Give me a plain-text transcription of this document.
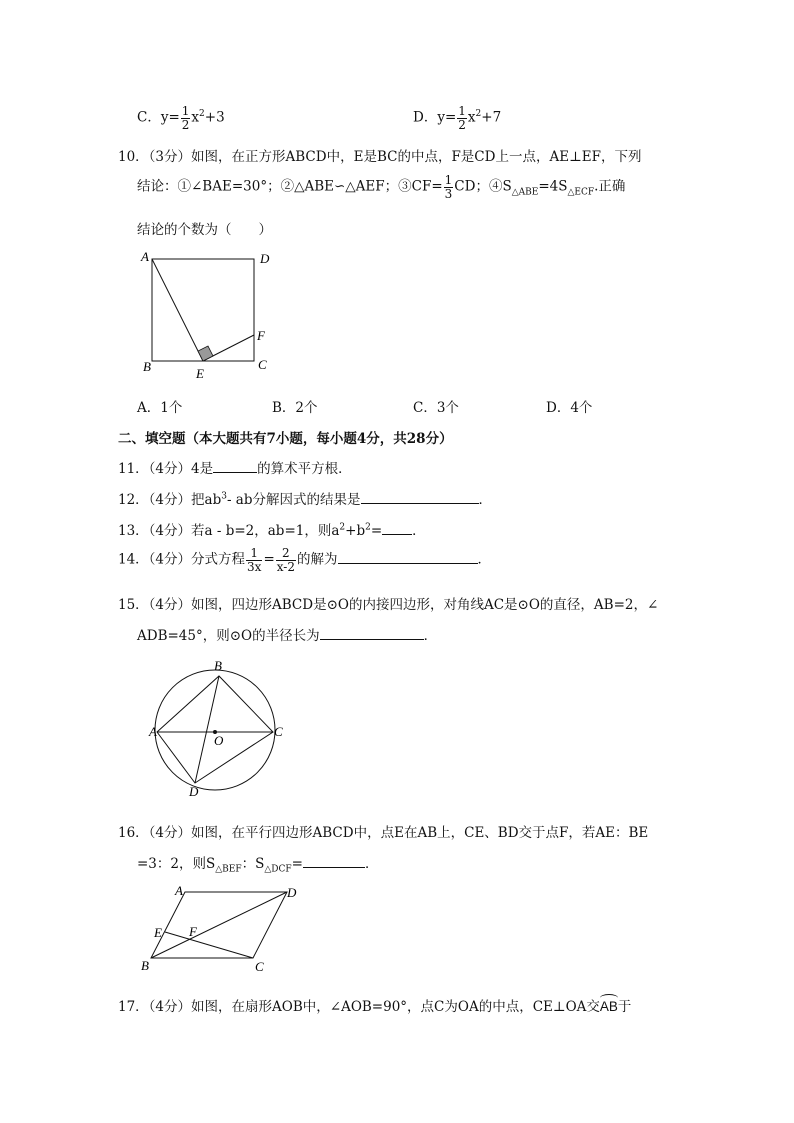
C．$y= \frac{1}{2} x^2+3$	D．$y= \frac{1}{2} x^2+7$
10．（3分）如图，在正方形ABCD中，E是BC的中点，F是CD上一点，AE⊥EF，下列
结论：①∠BAE=30°；②△ABE∽△AEF；③CF= $\frac{1}{3}$ CD；$④S_{\triangle ABE}=4S_{\triangle ECF}$.正确
结论的个数为（　　）
A	D
B	C
E
F
A．1个	B．2个	C．3个	D．4个
二、填空题（本大题共有7小题，每小题4分，共28分）
11．（4分）4是	的算术平方根．
12．（4分）把$ab^3-$ ab分解因式的结果是	．
13．（4分）若a - b=2，ab=1，则$a^2+b^2=$ ．
14．（4分）分式方程 $\frac{1}{3x} = \frac{2}{x-2}$ 的解为	．
15．（4分）如图，四边形ABCD是⊙O的内接四边形，对角线AC是⊙O的直径，AB=2，∠
ADB=45°，则⊙O的半径长为	．
A
B
C
D
O
16．（4分）如图，在平行四边形ABCD中，点E在AB上，CE、BD交于点F，若AE：BE
=3：2，则$S_{\triangle BEF}$：$S_{\triangle DCF}=$	．
A	D
B	C
E F
17．（4分）如图，在扇形AOB中，∠AOB=90°，点C为OA的中点，CE⊥OA交AB于
